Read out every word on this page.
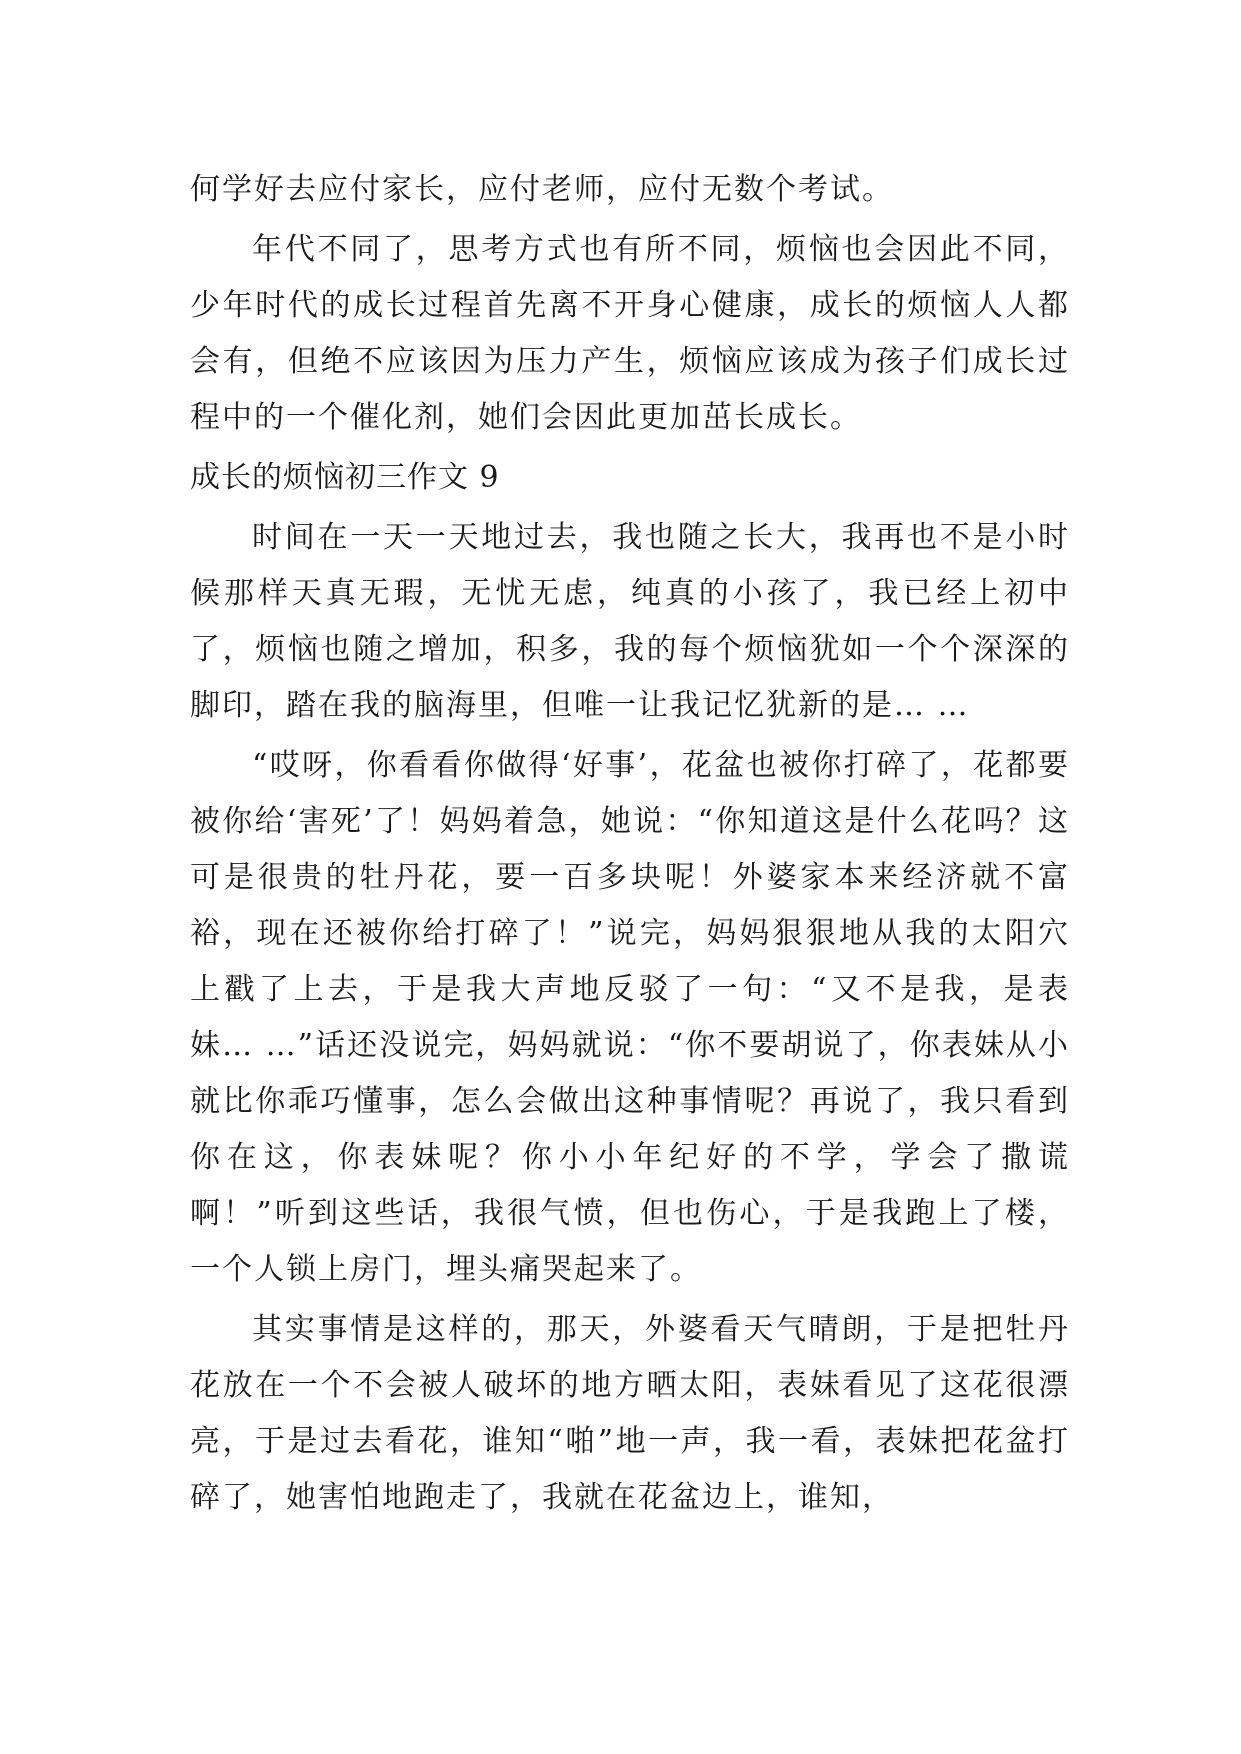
何学好去应付家长，应付老师，应付无数个考试。

年代不同了，思考方式也有所不同，烦恼也会因此不同，少年时代的成长过程首先离不开身心健康，成长的烦恼人人都会有，但绝不应该因为压力产生，烦恼应该成为孩子们成长过程中的一个催化剂，她们会因此更加茁长成长。

成长的烦恼初三作文 9

时间在一天一天地过去，我也随之长大，我再也不是小时候那样天真无瑕，无忧无虑，纯真的小孩了，我已经上初中了，烦恼也随之增加，积多，我的每个烦恼犹如一个个深深的脚印，踏在我的脑海里，但唯一让我记忆犹新的是… …

“哎呀，你看看你做得‘好事’，花盆也被你打碎了，花都要被你给‘害死’了！妈妈着急，她说：“你知道这是什么花吗？这可是很贵的牡丹花，要一百多块呢！外婆家本来经济就不富裕，现在还被你给打碎了！”说完，妈妈狠狠地从我的太阳穴上戳了上去，于是我大声地反驳了一句：“又不是我，是表妹… …”话还没说完，妈妈就说：“你不要胡说了，你表妹从小就比你乖巧懂事，怎么会做出这种事情呢？再说了，我只看到你在这，你表妹呢？你小小年纪好的不学，学会了撒谎啊！”听到这些话，我很气愤，但也伤心，于是我跑上了楼，一个人锁上房门，埋头痛哭起来了。

其实事情是这样的，那天，外婆看天气晴朗，于是把牡丹花放在一个不会被人破坏的地方晒太阳，表妹看见了这花很漂亮，于是过去看花，谁知“啪”地一声，我一看，表妹把花盆打碎了，她害怕地跑走了，我就在花盆边上，谁知，
